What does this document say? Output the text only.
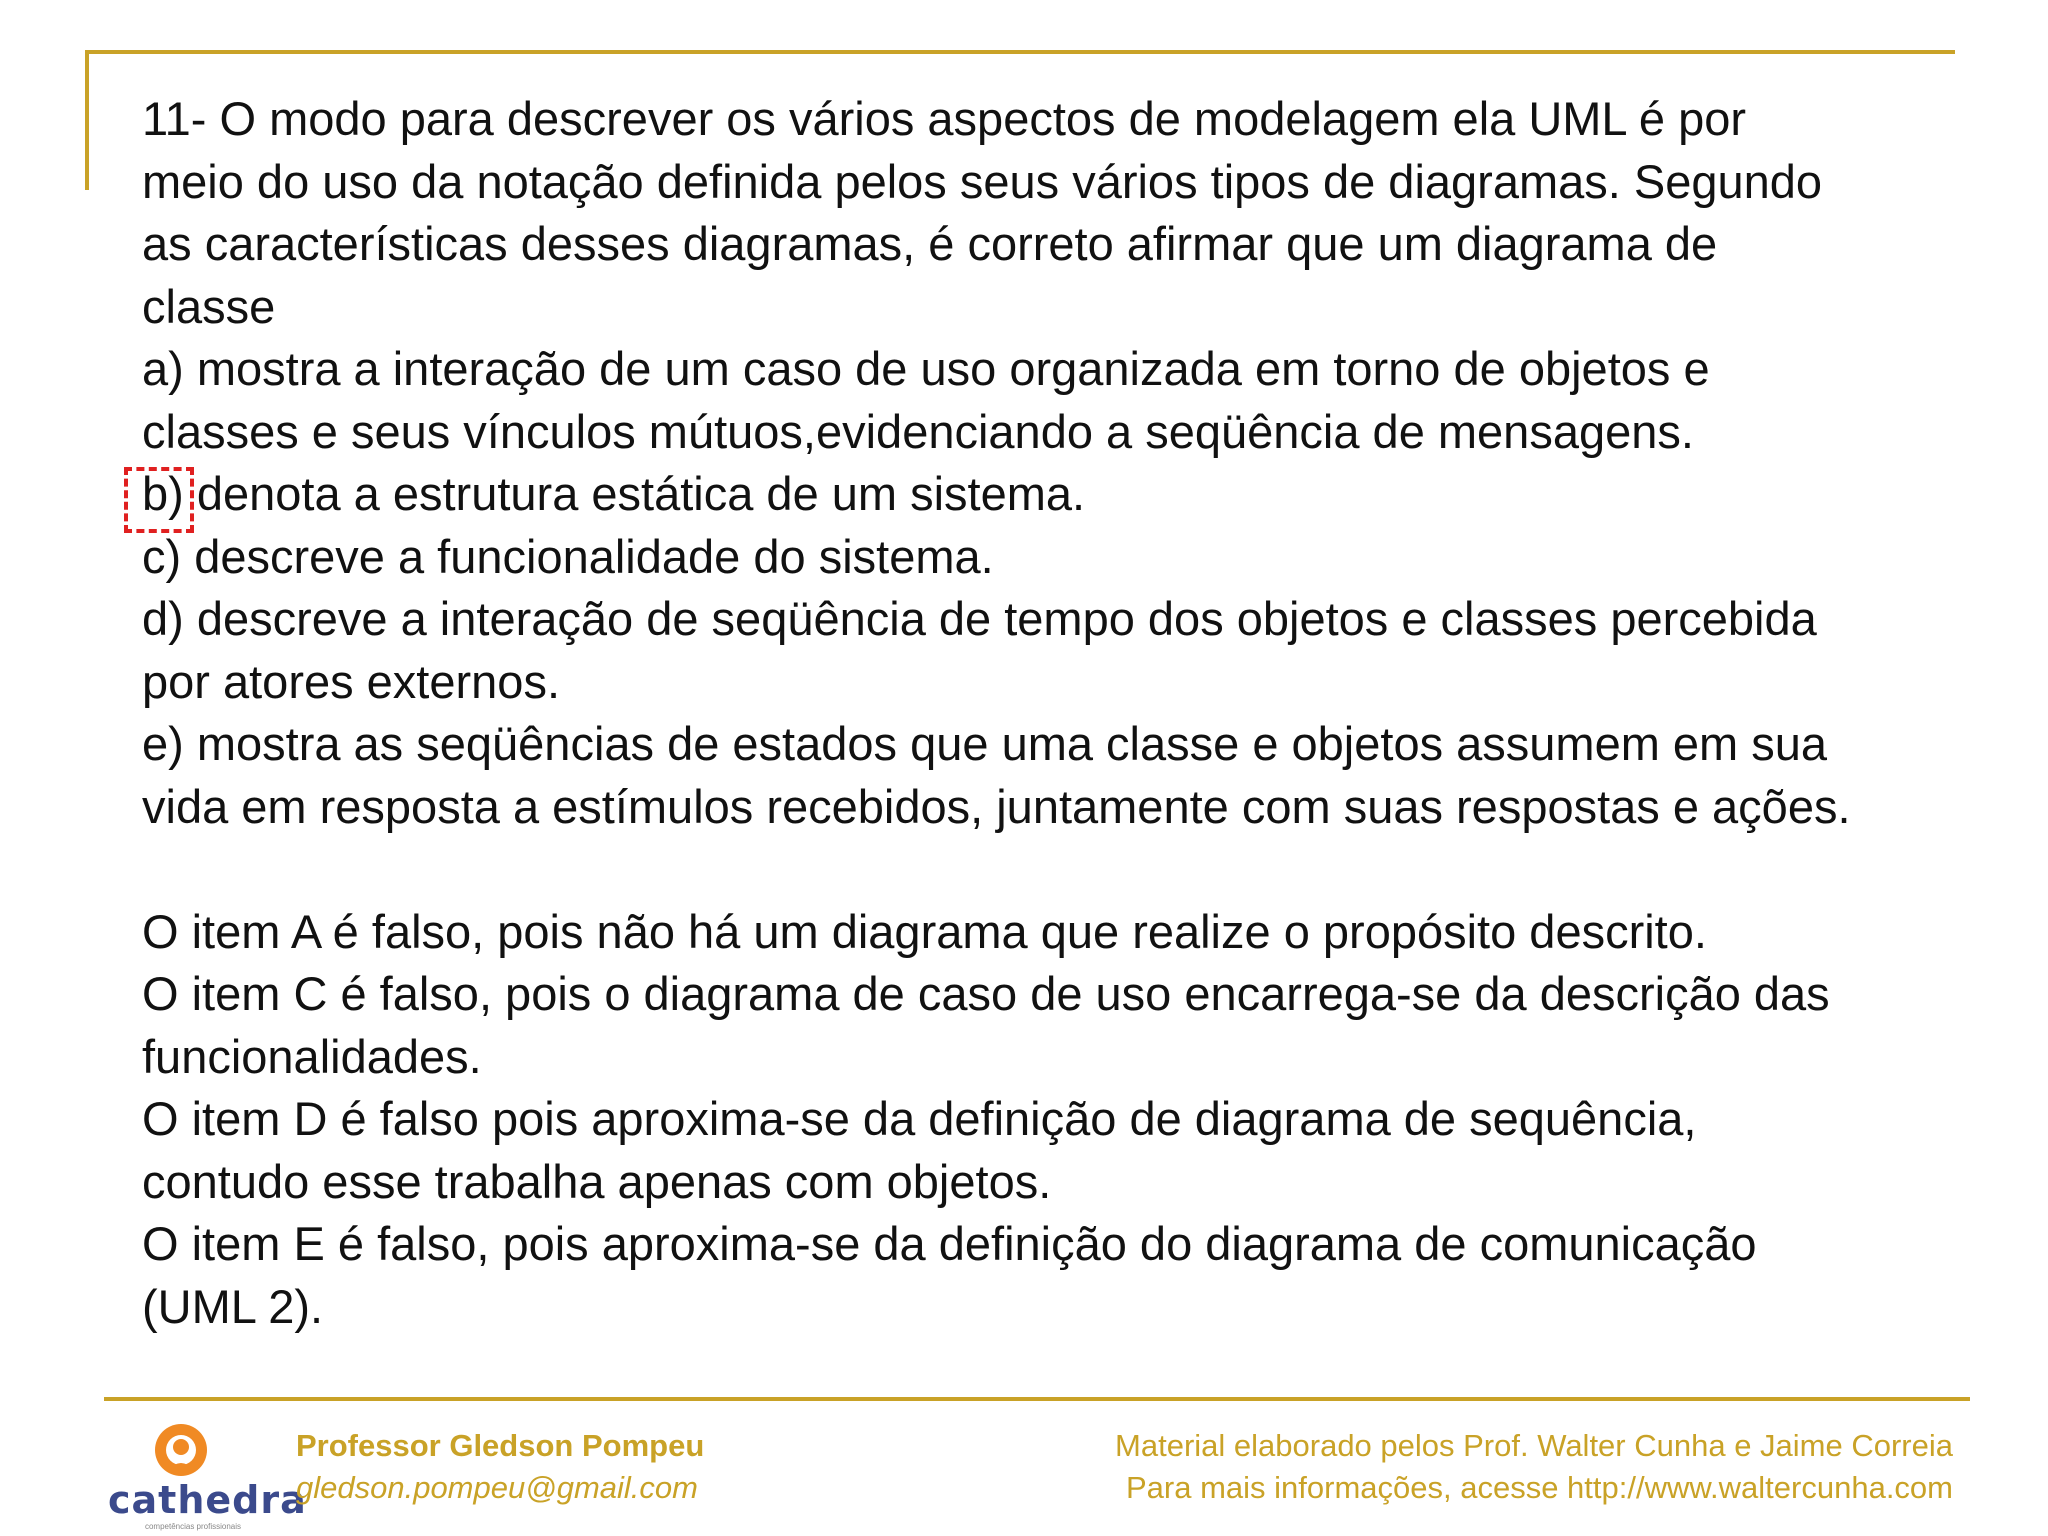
11- O modo para descrever os vários aspectos de modelagem ela UML é por
meio do uso da notação definida pelos seus vários tipos de diagramas. Segundo
as características desses diagramas, é correto afirmar que um diagrama de
classe
a) mostra a interação de um caso de uso organizada em torno de objetos e
classes e seus vínculos mútuos,evidenciando a seqüência de mensagens.
b) denota a estrutura estática de um sistema.
c) descreve a funcionalidade do sistema.
d) descreve a interação de seqüência de tempo dos objetos e classes percebida
por atores externos.
e) mostra as seqüências de estados que uma classe e objetos assumem em sua
vida em resposta a estímulos recebidos, juntamente com suas respostas e ações.
O item A é falso, pois não há um diagrama que realize o propósito descrito.
O item C é falso, pois o diagrama de caso de uso encarrega-se da descrição das
funcionalidades.
O item D é falso pois aproxima-se da definição de diagrama de sequência,
contudo esse trabalha apenas com objetos.
O item E é falso, pois aproxima-se da definição do diagrama de comunicação
(UML 2).
cathedra
competências profissionais
Professor Gledson Pompeu
gledson.pompeu@gmail.com
Material elaborado pelos Prof. Walter Cunha e Jaime Correia
Para mais informações, acesse http://www.waltercunha.com
